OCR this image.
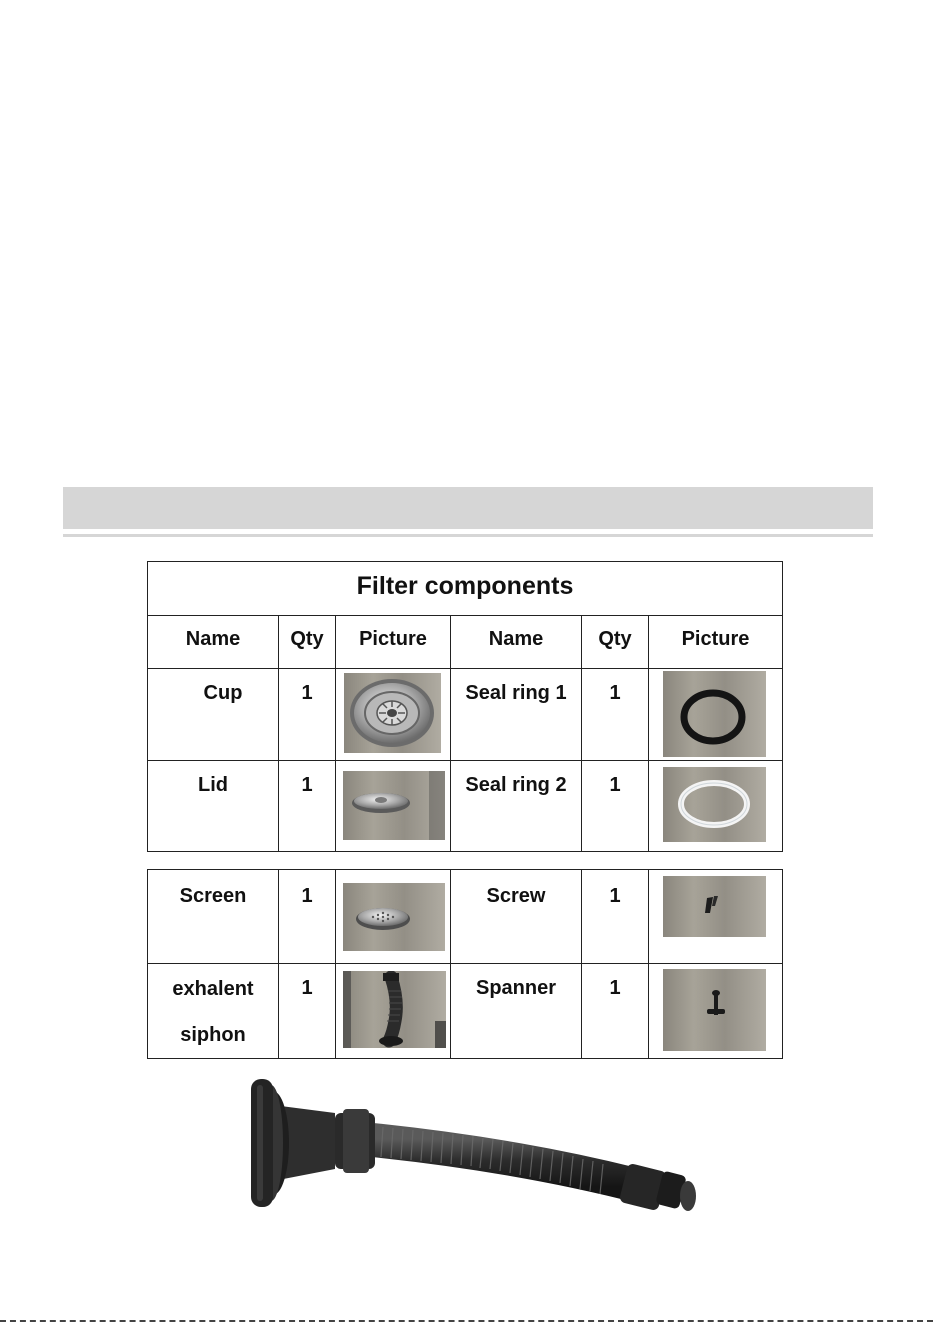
Filter components					
Name	Qty	Picture	Name	Qty	Picture
Cup	1		Seal ring 1	1	

Lid	1		Seal ring 2	1	
Screen	1		Screw	1	

exhalent
siphon	1		Spanner	1	
